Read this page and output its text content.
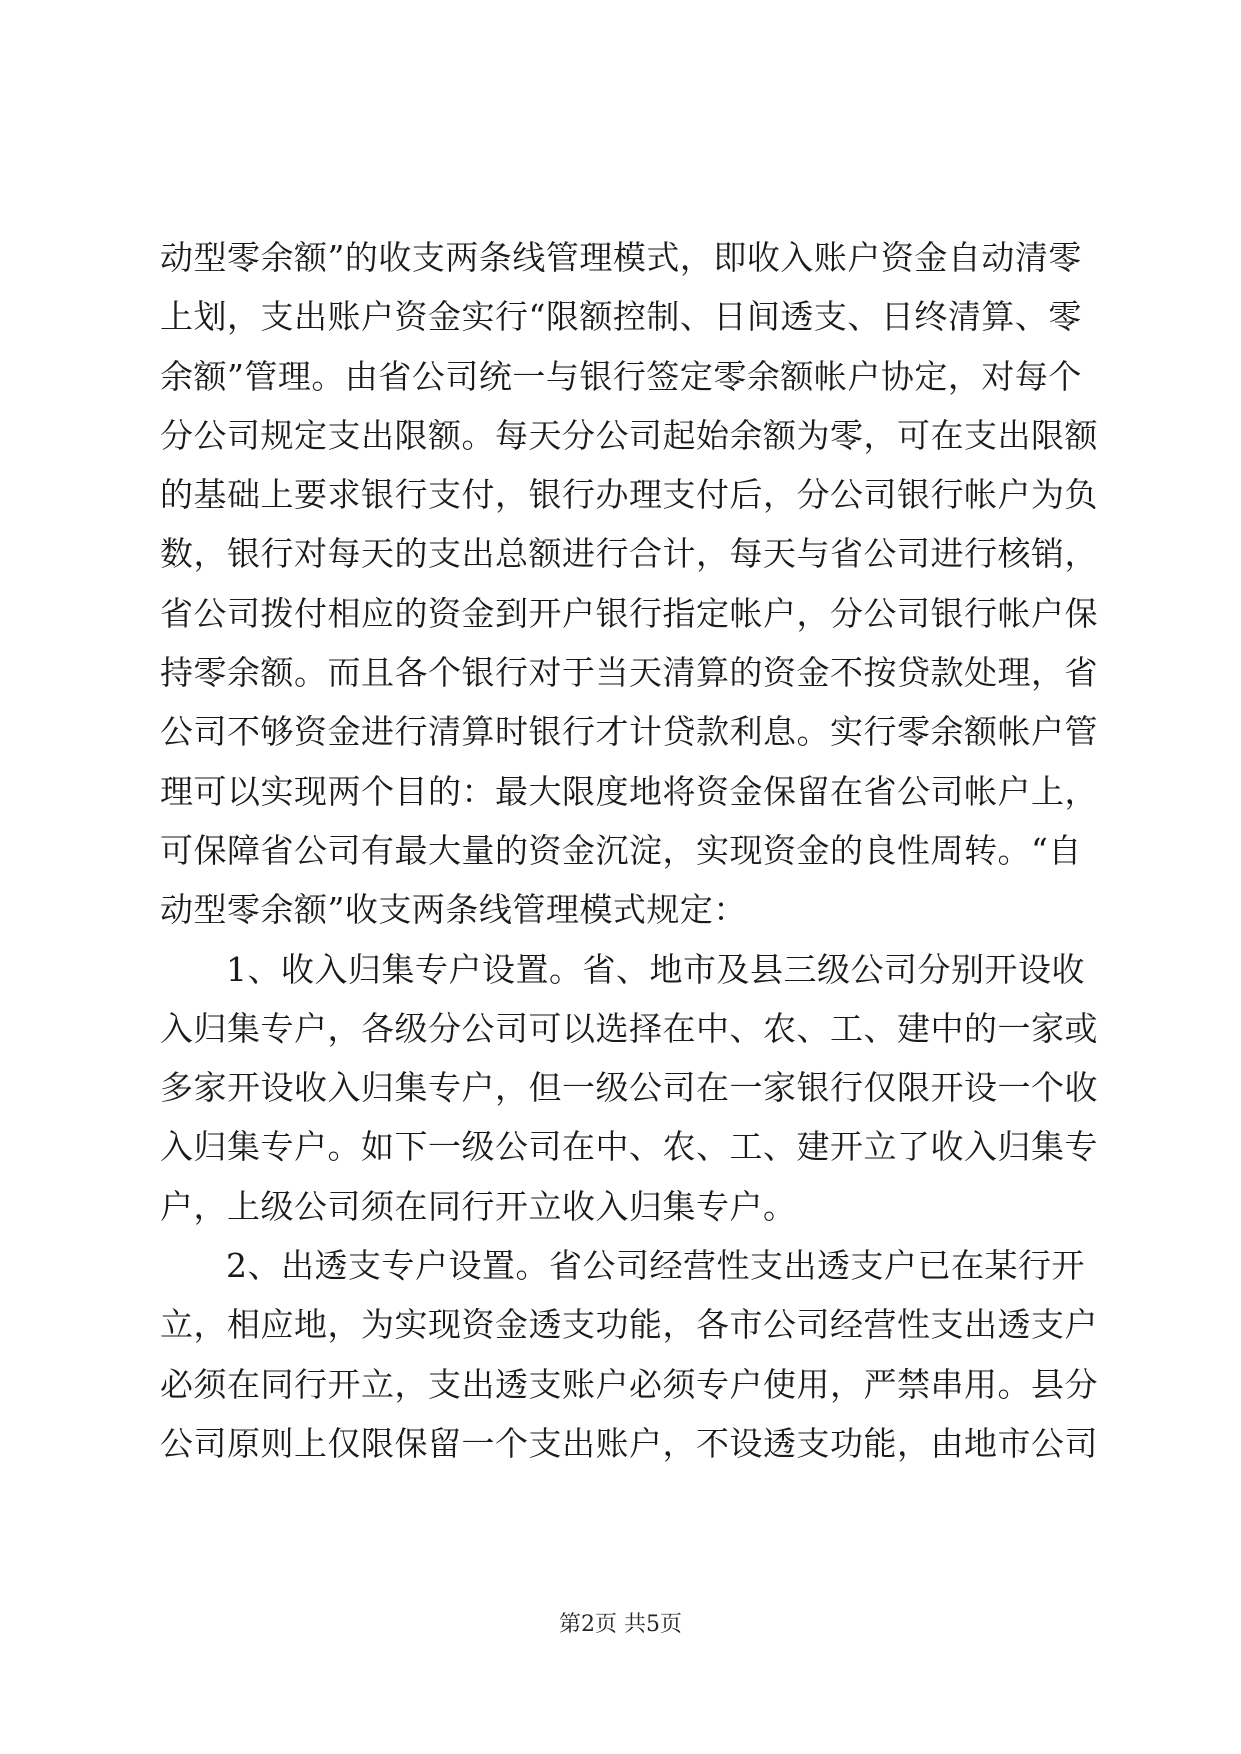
动型零余额”的收支两条线管理模式，即收入账户资金自动清零
上划，支出账户资金实行“限额控制、日间透支、日终清算、零
余额”管理。由省公司统一与银行签定零余额帐户协定，对每个
分公司规定支出限额。每天分公司起始余额为零，可在支出限额
的基础上要求银行支付，银行办理支付后，分公司银行帐户为负
数，银行对每天的支出总额进行合计，每天与省公司进行核销，
省公司拨付相应的资金到开户银行指定帐户，分公司银行帐户保
持零余额。而且各个银行对于当天清算的资金不按贷款处理，省
公司不够资金进行清算时银行才计贷款利息。实行零余额帐户管
理可以实现两个目的：最大限度地将资金保留在省公司帐户上，
可保障省公司有最大量的资金沉淀，实现资金的良性周转。“自
动型零余额”收支两条线管理模式规定：
1、收入归集专户设置。省、地市及县三级公司分别开设收
入归集专户，各级分公司可以选择在中、农、工、建中的一家或
多家开设收入归集专户，但一级公司在一家银行仅限开设一个收
入归集专户。如下一级公司在中、农、工、建开立了收入归集专
户，上级公司须在同行开立收入归集专户。
2、出透支专户设置。省公司经营性支出透支户已在某行开
立，相应地，为实现资金透支功能，各市公司经营性支出透支户
必须在同行开立，支出透支账户必须专户使用，严禁串用。县分
公司原则上仅限保留一个支出账户，不设透支功能，由地市公司
第2页 共5页
